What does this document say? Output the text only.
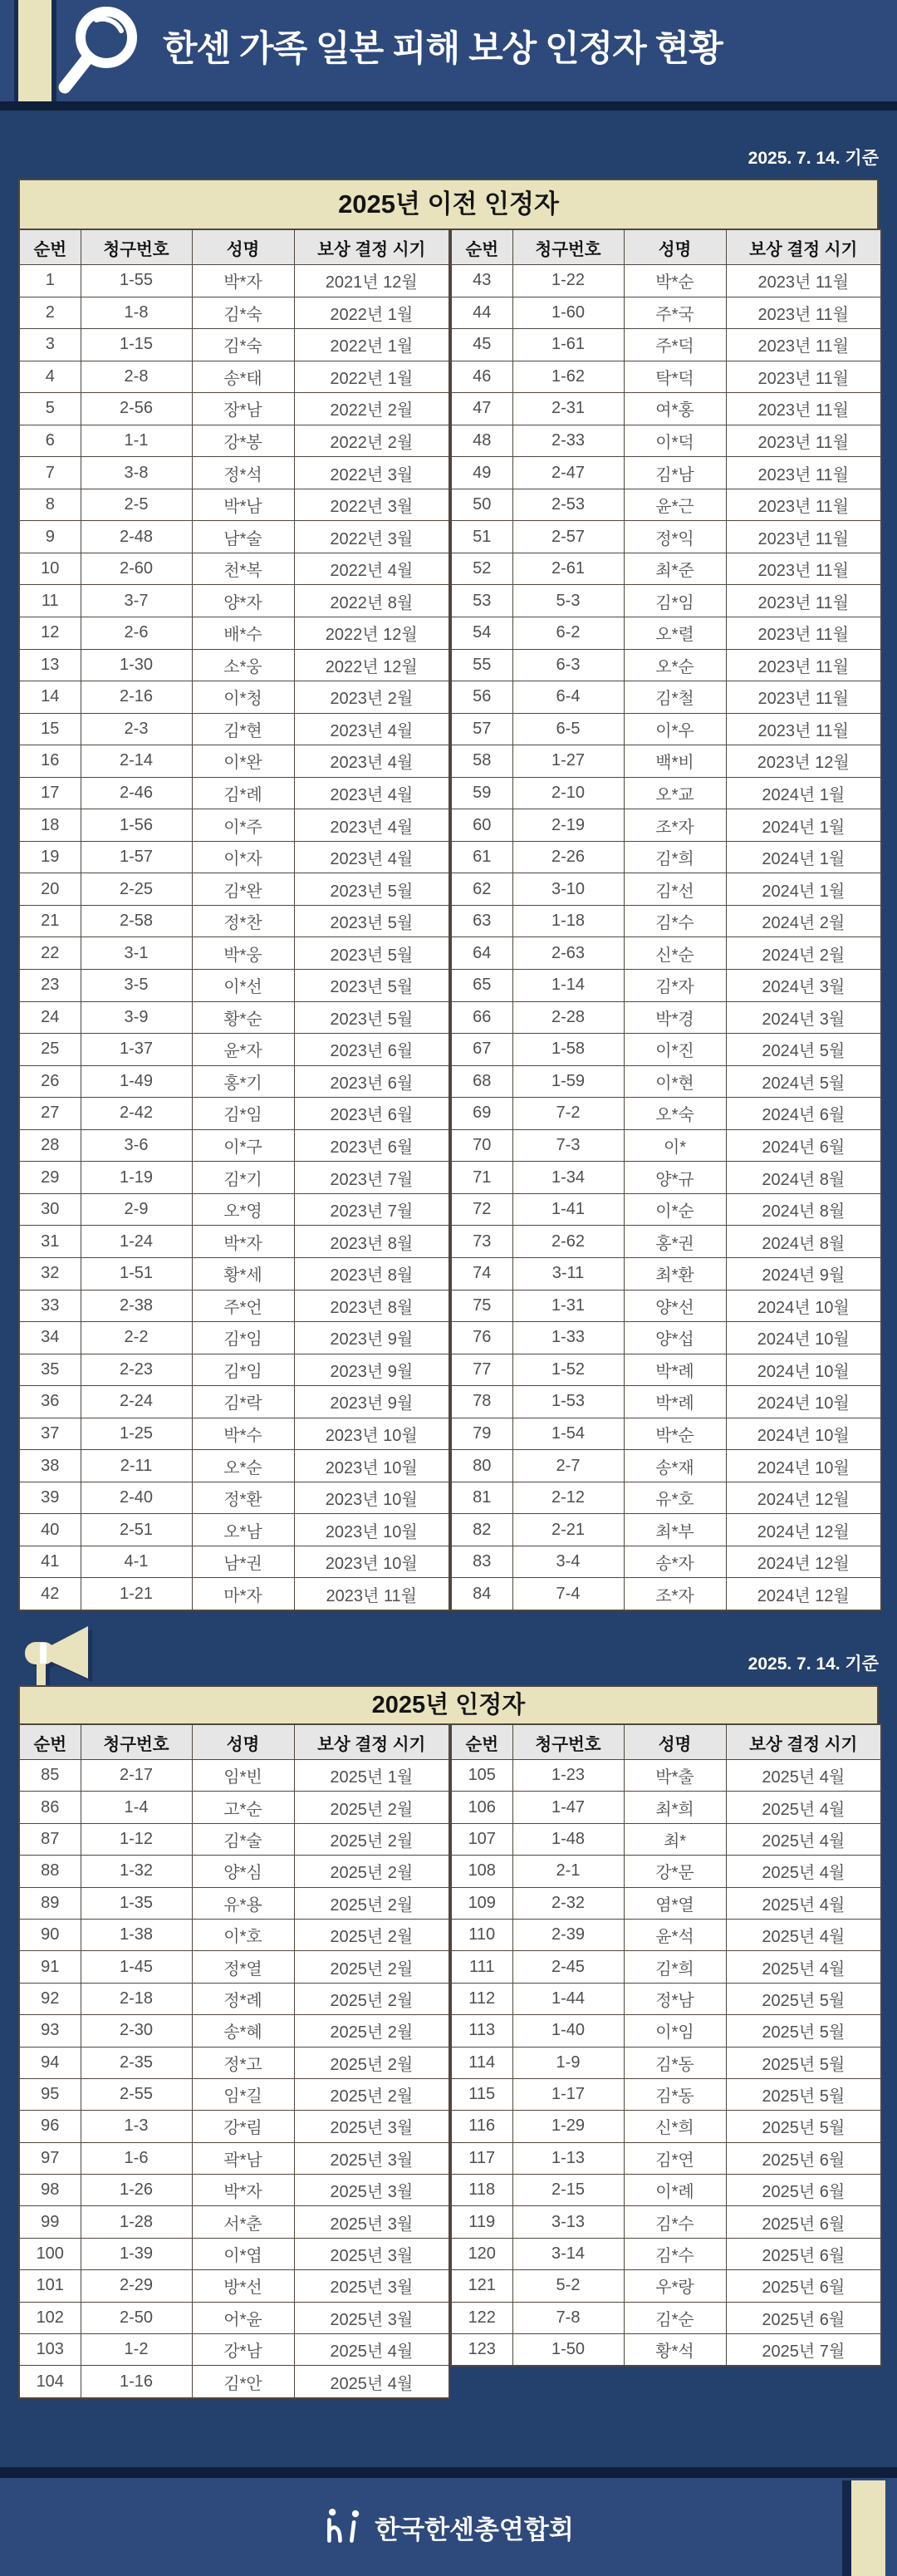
한센 가족 일본 피해 보상 인정자 현황
2025. 7. 14. 기준
2025년 이전 인정자
순번	청구번호	성명	보상 결정 시기
1	1-55	박*자	2021년 12월
2	1-8	김*숙	2022년 1월
3	1-15	김*숙	2022년 1월
4	2-8	송*태	2022년 1월
5	2-56	장*남	2022년 2월
6	1-1	강*봉	2022년 2월
7	3-8	정*석	2022년 3월
8	2-5	박*남	2022년 3월
9	2-48	남*술	2022년 3월
10	2-60	천*복	2022년 4월
11	3-7	양*자	2022년 8월
12	2-6	배*수	2022년 12월
13	1-30	소*웅	2022년 12월
14	2-16	이*청	2023년 2월
15	2-3	김*현	2023년 4월
16	2-14	이*완	2023년 4월
17	2-46	김*례	2023년 4월
18	1-56	이*주	2023년 4월
19	1-57	이*자	2023년 4월
20	2-25	김*완	2023년 5월
21	2-58	정*찬	2023년 5월
22	3-1	박*웅	2023년 5월
23	3-5	이*선	2023년 5월
24	3-9	황*순	2023년 5월
25	1-37	윤*자	2023년 6월
26	1-49	홍*기	2023년 6월
27	2-42	김*임	2023년 6월
28	3-6	이*구	2023년 6월
29	1-19	김*기	2023년 7월
30	2-9	오*영	2023년 7월
31	1-24	박*자	2023년 8월
32	1-51	황*세	2023년 8월
33	2-38	주*언	2023년 8월
34	2-2	김*임	2023년 9월
35	2-23	김*임	2023년 9월
36	2-24	김*락	2023년 9월
37	1-25	박*수	2023년 10월
38	2-11	오*순	2023년 10월
39	2-40	정*환	2023년 10월
40	2-51	오*남	2023년 10월
41	4-1	남*권	2023년 10월
42	1-21	마*자	2023년 11월
순번	청구번호	성명	보상 결정 시기
43	1-22	박*순	2023년 11월
44	1-60	주*국	2023년 11월
45	1-61	주*덕	2023년 11월
46	1-62	탁*덕	2023년 11월
47	2-31	여*홍	2023년 11월
48	2-33	이*덕	2023년 11월
49	2-47	김*남	2023년 11월
50	2-53	윤*근	2023년 11월
51	2-57	정*익	2023년 11월
52	2-61	최*준	2023년 11월
53	5-3	김*임	2023년 11월
54	6-2	오*렬	2023년 11월
55	6-3	오*순	2023년 11월
56	6-4	김*철	2023년 11월
57	6-5	이*우	2023년 11월
58	1-27	백*비	2023년 12월
59	2-10	오*교	2024년 1월
60	2-19	조*자	2024년 1월
61	2-26	김*희	2024년 1월
62	3-10	김*선	2024년 1월
63	1-18	김*수	2024년 2월
64	2-63	신*순	2024년 2월
65	1-14	김*자	2024년 3월
66	2-28	박*경	2024년 3월
67	1-58	이*진	2024년 5월
68	1-59	이*현	2024년 5월
69	7-2	오*숙	2024년 6월
70	7-3	이*	2024년 6월
71	1-34	양*규	2024년 8월
72	1-41	이*순	2024년 8월
73	2-62	홍*권	2024년 8월
74	3-11	최*환	2024년 9월
75	1-31	양*선	2024년 10월
76	1-33	양*섭	2024년 10월
77	1-52	박*례	2024년 10월
78	1-53	박*례	2024년 10월
79	1-54	박*순	2024년 10월
80	2-7	송*재	2024년 10월
81	2-12	유*호	2024년 12월
82	2-21	최*부	2024년 12월
83	3-4	송*자	2024년 12월
84	7-4	조*자	2024년 12월
2025. 7. 14. 기준
2025년 인정자
순번	청구번호	성명	보상 결정 시기
85	2-17	임*빈	2025년 1월
86	1-4	고*순	2025년 2월
87	1-12	김*술	2025년 2월
88	1-32	양*심	2025년 2월
89	1-35	유*용	2025년 2월
90	1-38	이*호	2025년 2월
91	1-45	정*열	2025년 2월
92	2-18	정*례	2025년 2월
93	2-30	송*혜	2025년 2월
94	2-35	정*고	2025년 2월
95	2-55	임*길	2025년 2월
96	1-3	강*림	2025년 3월
97	1-6	곽*남	2025년 3월
98	1-26	박*자	2025년 3월
99	1-28	서*춘	2025년 3월
100	1-39	이*엽	2025년 3월
101	2-29	방*선	2025년 3월
102	2-50	어*윤	2025년 3월
103	1-2	강*남	2025년 4월
104	1-16	김*안	2025년 4월
순번	청구번호	성명	보상 결정 시기
105	1-23	박*출	2025년 4월
106	1-47	최*희	2025년 4월
107	1-48	최*	2025년 4월
108	2-1	강*문	2025년 4월
109	2-32	염*열	2025년 4월
110	2-39	윤*석	2025년 4월
111	2-45	김*희	2025년 4월
112	1-44	정*남	2025년 5월
113	1-40	이*임	2025년 5월
114	1-9	김*동	2025년 5월
115	1-17	김*동	2025년 5월
116	1-29	신*희	2025년 5월
117	1-13	김*연	2025년 6월
118	2-15	이*례	2025년 6월
119	3-13	김*수	2025년 6월
120	3-14	김*수	2025년 6월
121	5-2	우*랑	2025년 6월
122	7-8	김*순	2025년 6월
123	1-50	황*석	2025년 7월
한국한센총연합회
